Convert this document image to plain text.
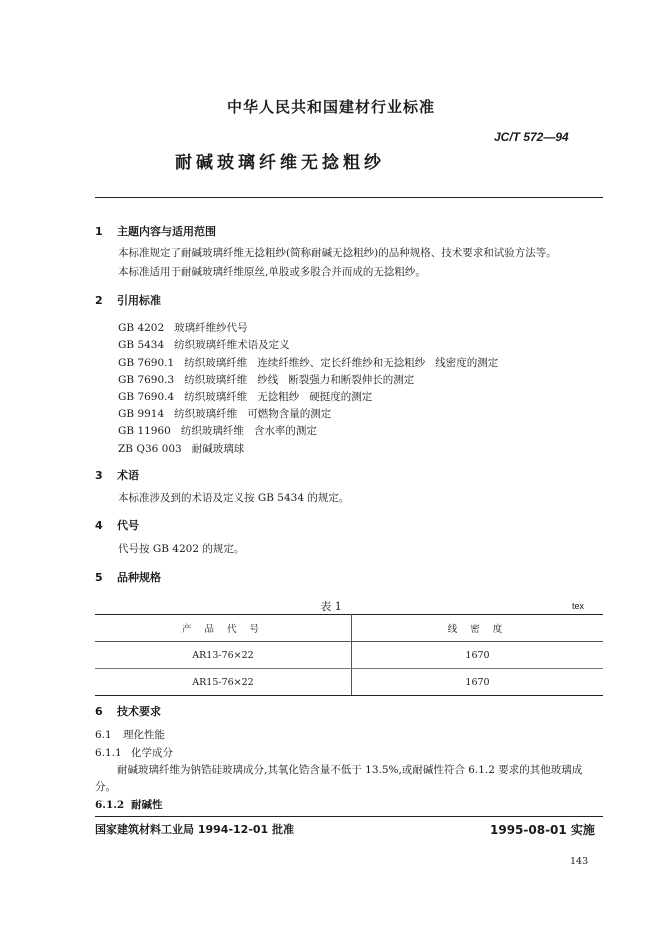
中华人民共和国建材行业标准
JC/T 572—94
耐碱玻璃纤维无捻粗纱
1 主题内容与适用范围
本标准规定了耐碱玻璃纤维无捻粗纱(简称耐碱无捻粗纱)的品种规格、技术要求和试验方法等。
本标准适用于耐碱玻璃纤维原丝,单股或多股合并而成的无捻粗纱。
2 引用标准
GB 4202   玻璃纤维纱代号
GB 5434   纺织玻璃纤维术语及定义
GB 7690.1   纺织玻璃纤维   连续纤维纱、定长纤维纱和无捻粗纱   线密度的测定
GB 7690.3   纺织玻璃纤维   纱线   断裂强力和断裂伸长的测定
GB 7690.4   纺织玻璃纤维   无捻粗纱   硬挺度的测定
GB 9914   纺织玻璃纤维   可燃物含量的测定
GB 11960   纺织玻璃纤维   含水率的测定
ZB Q36 003   耐碱玻璃球
3 术语
本标准涉及到的术语及定义按 GB 5434 的规定。
4 代号
代号按 GB 4202 的规定。
5 品种规格
表 1	tex
产 品 代 号	线 密 度
AR13-76×22	1670
AR15-76×22	1670
6 技术要求
6.1 理化性能
6.1.1 化学成分
耐碱玻璃纤维为钠锆硅玻璃成分,其氧化锆含量不低于 13.5%,或耐碱性符合 6.1.2 要求的其他玻璃成分。
6.1.2 耐碱性
国家建筑材料工业局 1994-12-01 批准	1995-08-01 实施
143
